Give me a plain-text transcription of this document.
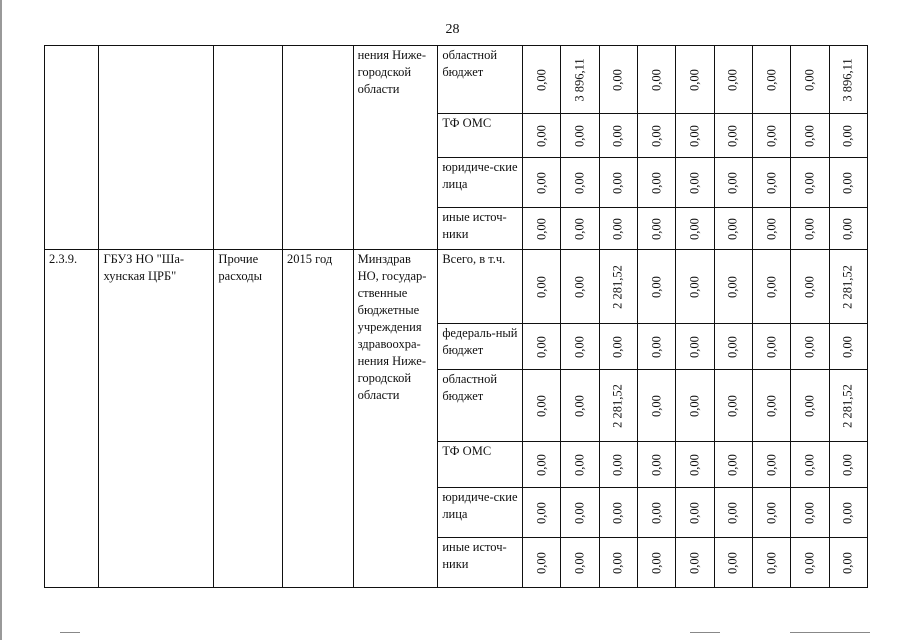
28
				нения Ниже-городской области	областной бюджет	0,00	3 896,11	0,00	0,00	0,00	0,00	0,00	0,00	3 896,11

					ТФ ОМС	0,00	0,00	0,00	0,00	0,00	0,00	0,00	0,00	0,00

					юридиче-ские лица	0,00	0,00	0,00	0,00	0,00	0,00	0,00	0,00	0,00

					иные источ-ники	0,00	0,00	0,00	0,00	0,00	0,00	0,00	0,00	0,00

2.3.9.	ГБУЗ НО "Ша-хунская ЦРБ"	Прочие расходы	2015 год	Минздрав НО, государ-ственные бюджетные учреждения здравоохра-нения Ниже-городской области	Всего, в т.ч.	0,00	0,00	2 281,52	0,00	0,00	0,00	0,00	0,00	2 281,52

					федераль-ный бюджет	0,00	0,00	0,00	0,00	0,00	0,00	0,00	0,00	0,00

					областной бюджет	0,00	0,00	2 281,52	0,00	0,00	0,00	0,00	0,00	2 281,52

					ТФ ОМС	0,00	0,00	0,00	0,00	0,00	0,00	0,00	0,00	0,00

					юридиче-ские лица	0,00	0,00	0,00	0,00	0,00	0,00	0,00	0,00	0,00

					иные источ-ники	0,00	0,00	0,00	0,00	0,00	0,00	0,00	0,00	0,00
